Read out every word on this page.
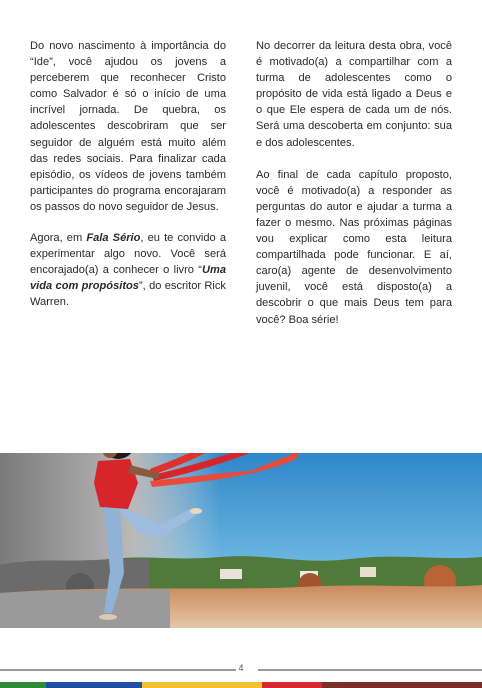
Do novo nascimento à importância do “Ide”, você ajudou os jovens a perceberem que reconhecer Cristo como Salvador é só o início de uma incrível jornada. De quebra, os adolescentes descobriram que ser seguidor de alguém está muito além das redes sociais. Para finalizar cada episódio, os vídeos de jovens também participantes do programa encorajaram os passos do novo seguidor de Jesus.

Agora, em Fala Sério, eu te convido a experimentar algo novo. Você será encorajado(a) a conhecer o livro “Uma vida com propósitos”, do escritor Rick Warren.

No decorrer da leitura desta obra, você é motivado(a) a compartilhar com a turma de adolescentes como o propósito de vida está ligado a Deus e o que Ele espera de cada um de nós. Será uma descoberta em conjunto: sua e dos adolescentes.

Ao final de cada capítulo proposto, você é motivado(a) a responder as perguntas do autor e ajudar a turma a fazer o mesmo. Nas próximas páginas vou explicar como esta leitura compartilhada pode funcionar. E aí, caro(a) agente de desenvolvimento juvenil, você está disposto(a) a descobrir o que mais Deus tem para você? Boa série!

4
